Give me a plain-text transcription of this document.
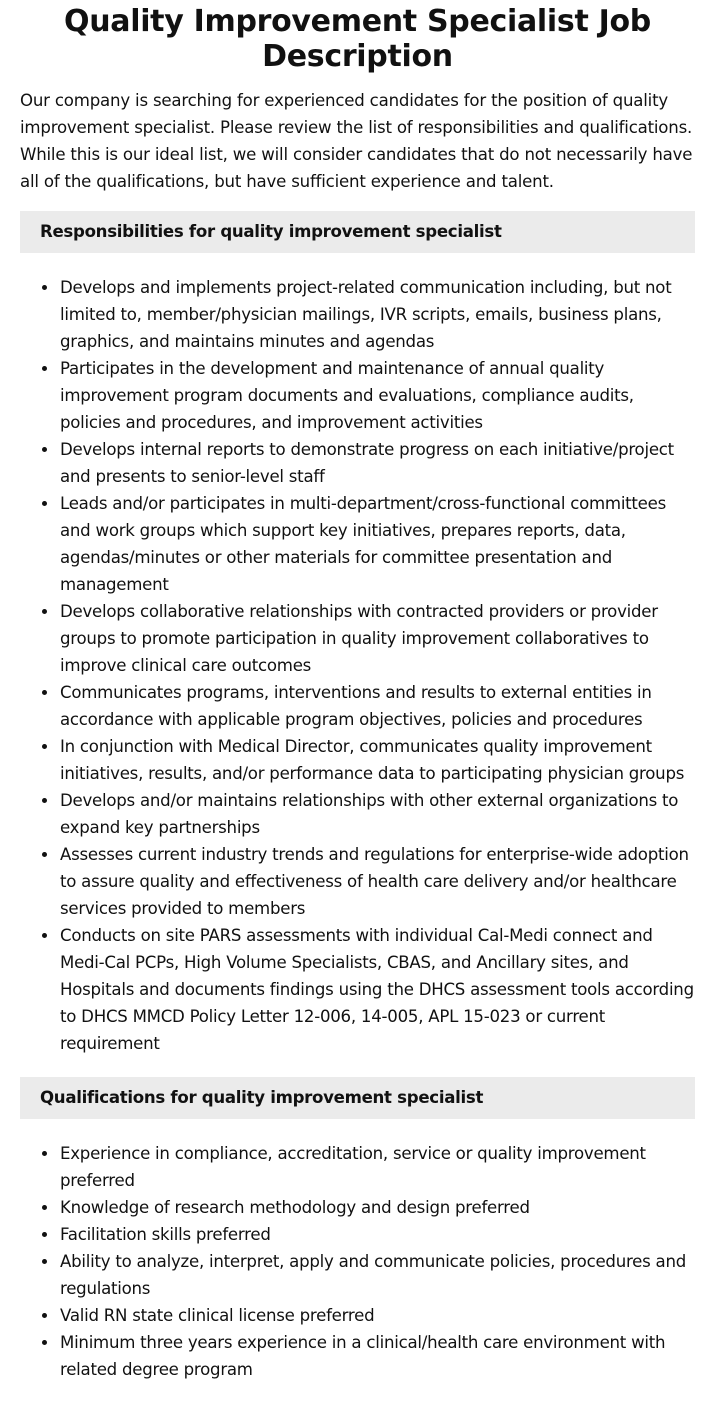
Quality Improvement Specialist Job Description

Our company is searching for experienced candidates for the position of quality improvement specialist. Please review the list of responsibilities and qualifications. While this is our ideal list, we will consider candidates that do not necessarily have all of the qualifications, but have sufficient experience and talent.

Responsibilities for quality improvement specialist
Develops and implements project-related communication including, but not limited to, member/physician mailings, IVR scripts, emails, business plans, graphics, and maintains minutes and agendas
Participates in the development and maintenance of annual quality improvement program documents and evaluations, compliance audits, policies and procedures, and improvement activities
Develops internal reports to demonstrate progress on each initiative/project and presents to senior-level staff
Leads and/or participates in multi-department/cross-functional committees and work groups which support key initiatives, prepares reports, data, agendas/minutes or other materials for committee presentation and management
Develops collaborative relationships with contracted providers or provider groups to promote participation in quality improvement collaboratives to improve clinical care outcomes
Communicates programs, interventions and results to external entities in accordance with applicable program objectives, policies and procedures
In conjunction with Medical Director, communicates quality improvement initiatives, results, and/or performance data to participating physician groups
Develops and/or maintains relationships with other external organizations to expand key partnerships
Assesses current industry trends and regulations for enterprise-wide adoption to assure quality and effectiveness of health care delivery and/or healthcare services provided to members
Conducts on site PARS assessments with individual Cal-Medi connect and Medi-Cal PCPs, High Volume Specialists, CBAS, and Ancillary sites, and Hospitals and documents findings using the DHCS assessment tools according to DHCS MMCD Policy Letter 12-006, 14-005, APL 15-023 or current requirement
Qualifications for quality improvement specialist
Experience in compliance, accreditation, service or quality improvement preferred
Knowledge of research methodology and design preferred
Facilitation skills preferred
Ability to analyze, interpret, apply and communicate policies, procedures and regulations
Valid RN state clinical license preferred
Minimum three years experience in a clinical/health care environment with related degree program
